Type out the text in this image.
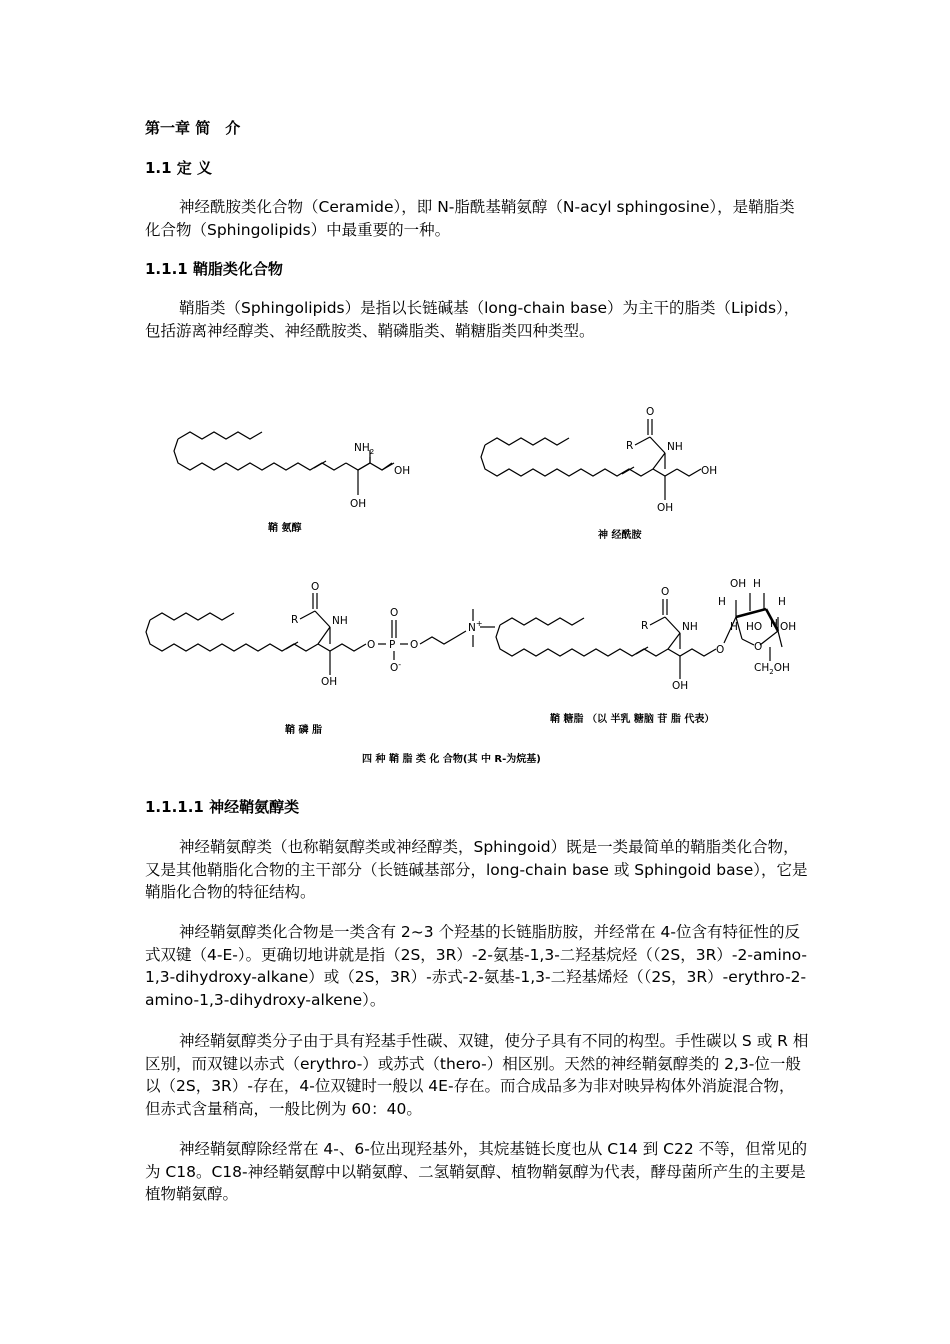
第一章 简　介
1.1 定 义
神经酰胺类化合物（Ceramide），即 N-脂酰基鞘氨醇（N-acyl sphingosine），是鞘脂类化合物（Sphingolipids）中最重要的一种。
1.1.1 鞘脂类化合物
鞘脂类（Sphingolipids）是指以长链碱基（long-chain base）为主干的脂类（Lipids），包括游离神经醇类、神经酰胺类、鞘磷脂类、鞘糖脂类四种类型。
$NH_2$
OH
OH
O
R	NH
OH
OH
O
R	NH
O P
O
O-
O
N+
OH
O
R	NH
O
OH
OH H
H	H
H HO H OH
O
$CH_2OH$
鞘 氨醇
神 经酰胺
鞘 磷 脂
鞘 糖脂 （以 半乳 糖脑 苷 脂 代表）
四 种 鞘 脂 类 化 合物(其 中 R-为烷基)
1.1.1.1 神经鞘氨醇类
神经鞘氨醇类（也称鞘氨醇类或神经醇类，Sphingoid）既是一类最简单的鞘脂类化合物，又是其他鞘脂化合物的主干部分（长链碱基部分，long-chain base 或 Sphingoid base），它是鞘脂化合物的特征结构。
神经鞘氨醇类化合物是一类含有 2~3 个羟基的长链脂肪胺，并经常在 4-位含有特征性的反式双键（4-E-）。更确切地讲就是指（2S，3R）-2-氨基-1,3-二羟基烷烃（（2S，3R）-2-amino-1,3-dihydroxy-alkane）或（2S，3R）-赤式-2-氨基-1,3-二羟基烯烃（（2S，3R）-erythro-2-amino-1,3-dihydroxy-alkene）。
神经鞘氨醇类分子由于具有羟基手性碳、双键，使分子具有不同的构型。手性碳以 S 或 R 相区别，而双键以赤式（erythro-）或苏式（thero-）相区别。天然的神经鞘氨醇类的 2,3-位一般以（2S，3R）-存在，4-位双键时一般以 4E-存在。而合成品多为非对映异构体外消旋混合物，但赤式含量稍高，一般比例为 60：40。
神经鞘氨醇除经常在 4-、6-位出现羟基外，其烷基链长度也从 C14 到 C22 不等，但常见的为 C18。C18-神经鞘氨醇中以鞘氨醇、二氢鞘氨醇、植物鞘氨醇为代表，酵母菌所产生的主要是植物鞘氨醇。
